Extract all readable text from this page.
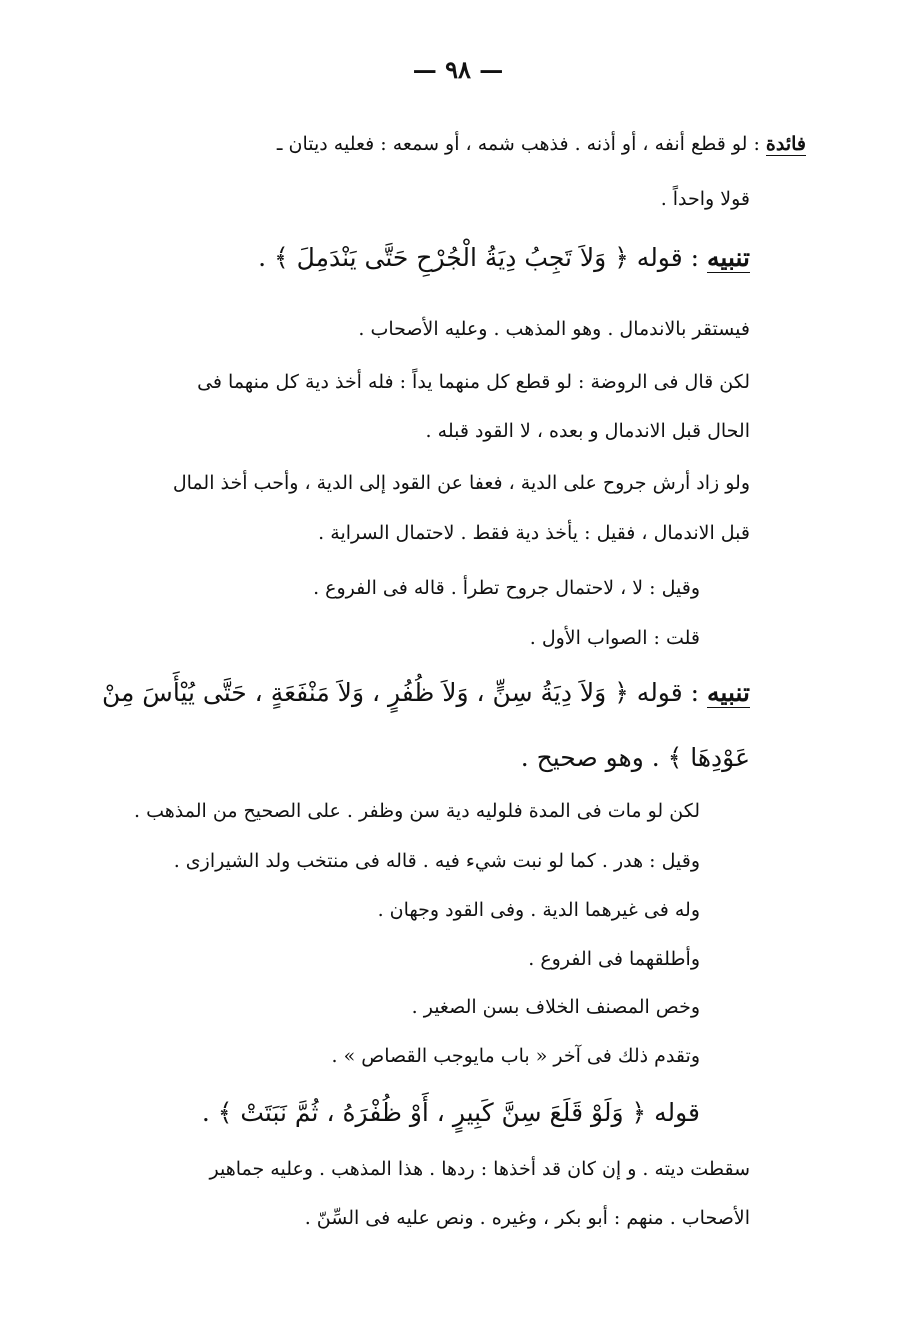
— ٩٨ —
فائدة : لو قطع أنفه ، أو أذنه . فذهب شمه ، أو سمعه : فعليه ديتان ـ
قولا واحداً .
تنبيه : قوله ﴿ وَلاَ تَجِبُ دِيَةُ الْجُرْحِ حَتَّى يَنْدَمِلَ ﴾ .
فيستقر بالاندمال . وهو المذهب . وعليه الأصحاب .
لكن قال فى الروضة : لو قطع كل منهما يداً : فله أخذ دية كل منهما فى
الحال قبل الاندمال و بعده ، لا القود قبله .
ولو زاد أرش جروح على الدية ، فعفا عن القود إلى الدية ، وأحب أخذ المال
قبل الاندمال ، فقيل : يأخذ دية فقط . لاحتمال السراية .
وقيل : لا ، لاحتمال جروح تطرأ . قاله فى الفروع .
قلت : الصواب الأول .
تنبيه : قوله ﴿ وَلاَ دِيَةُ سِنٍّ ، وَلاَ ظُفُرٍ ، وَلاَ مَنْفَعَةٍ ، حَتَّى يُيْأَسَ مِنْ
عَوْدِهَا ﴾ . وهو صحيح .
لكن لو مات فى المدة فلوليه دية سن وظفر . على الصحيح من المذهب .
وقيل : هدر . كما لو نبت شيء فيه . قاله فى منتخب ولد الشيرازى .
وله فى غيرهما الدية . وفى القود وجهان .
وأطلقهما فى الفروع .
وخص المصنف الخلاف بسن الصغير .
وتقدم ذلك فى آخر « باب مايوجب القصاص » .
قوله ﴿ وَلَوْ قَلَعَ سِنَّ كَبِيرٍ ، أَوْ ظُفْرَهُ ، ثُمَّ نَبَتَتْ ﴾ .
سقطت ديته . و إن كان قد أخذها : ردها . هذا المذهب . وعليه جماهير
الأصحاب . منهم : أبو بكر ، وغيره . ونص عليه فى السِّنّ .
